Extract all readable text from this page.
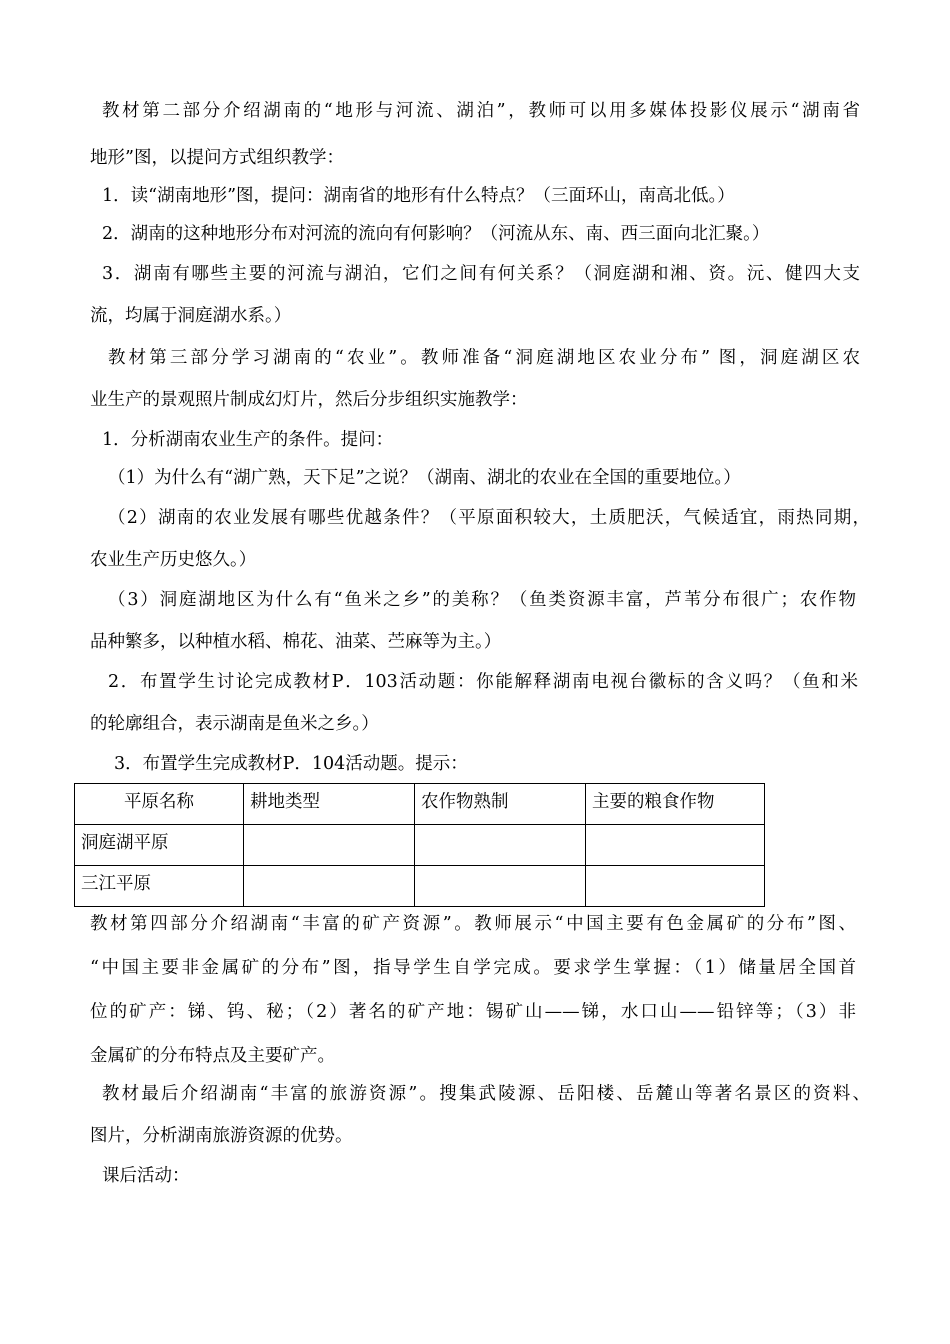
教材第二部分介绍湖南的“地形与河流、湖泊”，教师可以用多媒体投影仪展示“湖南省
地形”图，以提问方式组织教学：
1．读“湖南地形”图，提问：湖南省的地形有什么特点？（三面环山，南高北低。）
2．湖南的这种地形分布对河流的流向有何影响？（河流从东、南、西三面向北汇聚。）
3．湖南有哪些主要的河流与湖泊，它们之间有何关系？（洞庭湖和湘、资。沅、健四大支
流，均属于洞庭湖水系。）
教材第三部分学习湖南的“农业”。教师准备“洞庭湖地区农业分布” 图，洞庭湖区农
业生产的景观照片制成幻灯片，然后分步组织实施教学：
1．分析湖南农业生产的条件。提问：
（1）为什么有“湖广熟，天下足”之说？（湖南、湖北的农业在全国的重要地位。）
（2）湖南的农业发展有哪些优越条件？（平原面积较大，土质肥沃，气候适宜，雨热同期，
农业生产历史悠久。）
（3）洞庭湖地区为什么有“鱼米之乡”的美称？（鱼类资源丰富，芦苇分布很广；农作物
品种繁多，以种植水稻、棉花、油菜、苎麻等为主。）
2．布置学生讨论完成教材P．103活动题：你能解释湖南电视台徽标的含义吗？（鱼和米
的轮廓组合，表示湖南是鱼米之乡。）
3．布置学生完成教材P．104活动题。提示：
平原名称	耕地类型	农作物熟制	主要的粮食作物
洞庭湖平原			
三江平原			
教材第四部分介绍湖南“丰富的矿产资源”。教师展示“中国主要有色金属矿的分布”图、
“中国主要非金属矿的分布”图，指导学生自学完成。要求学生掌握：（1）储量居全国首
位的矿产：锑、钨、秘；（2）著名的矿产地：锡矿山——锑，水口山——铅锌等；（3）非
金属矿的分布特点及主要矿产。
教材最后介绍湖南“丰富的旅游资源”。搜集武陵源、岳阳楼、岳麓山等著名景区的资料、
图片，分析湖南旅游资源的优势。
课后活动：
